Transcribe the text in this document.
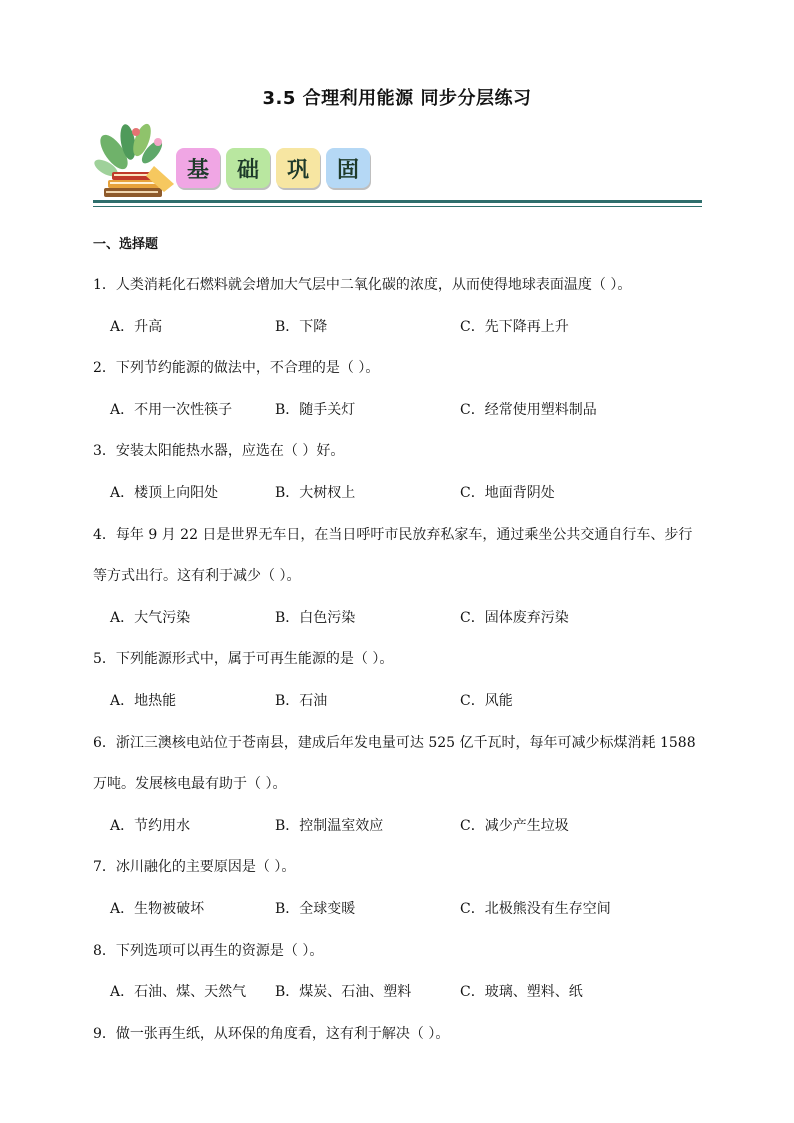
3.5 合理利用能源 同步分层练习
基	础	巩	固
一、选择题
1．人类消耗化石燃料就会增加大气层中二氧化碳的浓度，从而使得地球表面温度（ ）。
A．升高	B．下降	C．先下降再上升
2．下列节约能源的做法中，不合理的是（ ）。
A．不用一次性筷子	B．随手关灯	C．经常使用塑料制品
3．安装太阳能热水器，应选在（ ）好。
A．楼顶上向阳处	B．大树杈上	C．地面背阴处
4．每年 9 月 22 日是世界无车日，在当日呼吁市民放弃私家车，通过乘坐公共交通自行车、步行
等方式出行。这有利于减少（ ）。
A．大气污染	B．白色污染	C．固体废弃污染
5．下列能源形式中，属于可再生能源的是（ ）。
A．地热能	B．石油	C．风能
6．浙江三澳核电站位于苍南县，建成后年发电量可达 525 亿千瓦时，每年可减少标煤消耗 1588
万吨。发展核电最有助于（ ）。
A．节约用水	B．控制温室效应	C．减少产生垃圾
7．冰川融化的主要原因是（ ）。
A．生物被破坏	B．全球变暖	C．北极熊没有生存空间
8．下列选项可以再生的资源是（ ）。
A．石油、煤、天然气 B．煤炭、石油、塑料	C．玻璃、塑料、纸
9．做一张再生纸，从环保的角度看，这有利于解决（ ）。
